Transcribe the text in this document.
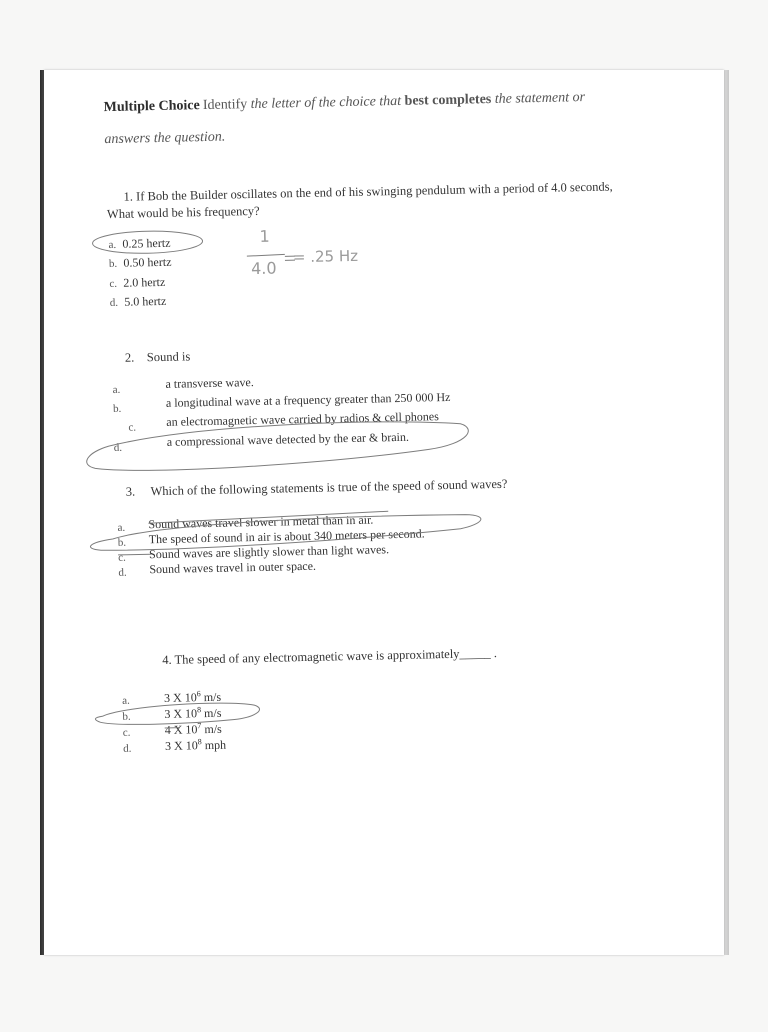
Multiple Choice Identify the letter of the choice that best completes the statement or
answers the question.
1. If Bob the Builder oscillates on the end of his swinging pendulum with a period of 4.0 seconds,
What would be his frequency?
a. 0.25 hertz
b. 0.50 hertz
c. 2.0 hertz
d. 5.0 hertz
1
4.0
= .25 Hz
2. Sound is
a.	a transverse wave.
b.	a longitudinal wave at a frequency greater than 250 000 Hz
c. an electromagnetic wave carried by radios & cell phones
d.	a compressional wave detected by the ear & brain.
3. Which of the following statements is true of the speed of sound waves?
a. Sound waves travel slower in metal than in air.
b. The speed of sound in air is about 340 meters per second.
c. Sound waves are slightly slower than light waves.
d. Sound waves travel in outer space.
4. The speed of any electromagnetic wave is approximately_____ .
a.	3 X $10^6$ m/s
b.	3 X $10^8$ m/s
c.	4 X $10^7$ m/s
d.	3 X $10^8$ mph
